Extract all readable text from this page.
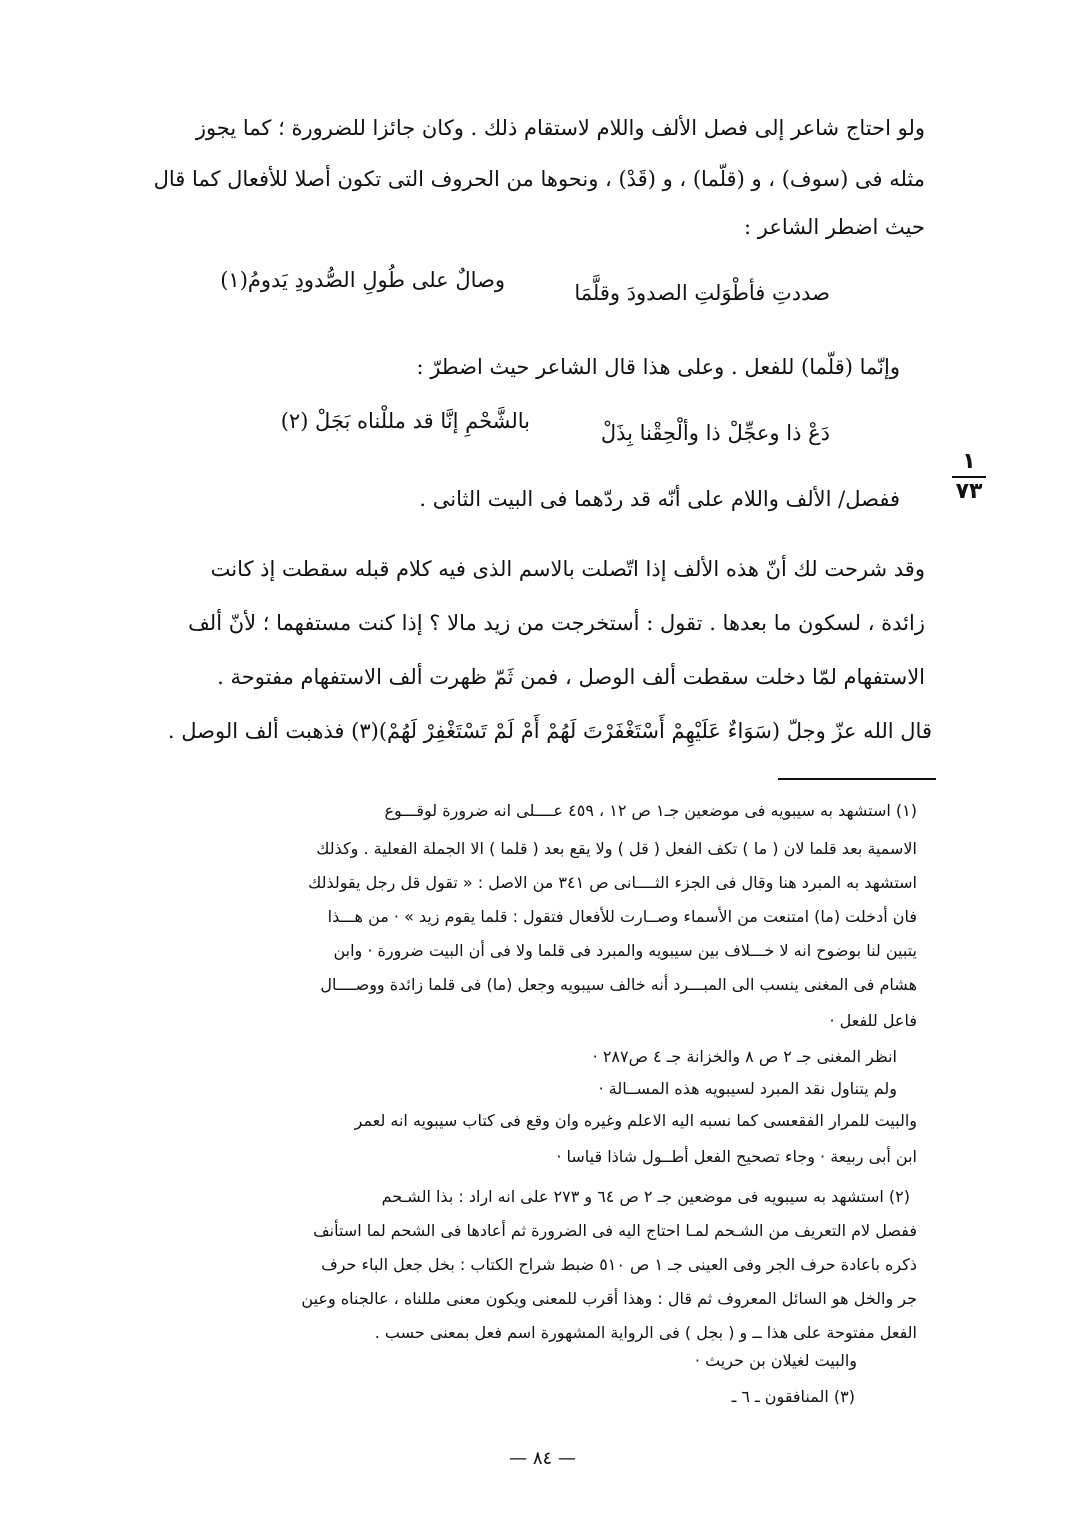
١
٧٣
ولو احتاج شاعر إلى فصل الألف واللام لاستقام ذلك . وكان جائزا للضرورة ؛ كما يجوز
مثله فى (سوف) ، و (قلّما) ، و (قَدْ) ، ونحوها من الحروف التى تكون أصلا للأفعال كما قال
حيث اضطر الشاعر :
صددتِ فأطْوَلتِ الصدودَ وقلَّمَا
وصالٌ على طُولِ الصُّدودِ يَدومُ(١)
وإنّما (قلّما) للفعل . وعلى هذا قال الشاعر حيث اضطرّ :
دَعْ ذا وعجِّلْ ذا وألْحِقْنا بِذَلْ
بالشَّحْمِ إنَّا قد مللْناه بَجَلْ (٢)
ففصل/ الألف واللام على أنّه قد ردّهما فى البيت الثانى .
وقد شرحت لك أنّ هذه الألف إذا اتّصلت بالاسم الذى فيه كلام قبله سقطت إذ كانت
زائدة ، لسكون ما بعدها . تقول : أستخرجت من زيد مالا ؟ إذا كنت مستفهما ؛ لأنّ ألف
الاستفهام لمّا دخلت سقطت ألف الوصل ، فمن ثَمّ ظهرت ألف الاستفهام مفتوحة .
قال الله عزّ وجلّ (سَوَاءٌ عَلَيْهِمْ أَسْتَغْفَرْتَ لَهُمْ أَمْ لَمْ تَسْتَغْفِرْ لَهُمْ)(٣) فذهبت ألف الوصل .
(١) استشهد به سيبويه فى موضعين جـ١ ص ١٢ ، ٤٥٩ عــــلى انه ضرورة لوقـــوع
الاسمية بعد قلما لان ( ما ) تكف الفعل ( قل ) ولا يقع بعد ( قلما ) الا الجملة الفعلية . وكذلك
استشهد به المبرد هنا وقال فى الجزء الثــــانى ص ٣٤١ من الاصل : « تقول قل رجل يقولذلك
فان أدخلت (ما) امتنعت من الأسماء وصــارت للأفعال فتقول : قلما يقوم زيد » · من هـــذا
يتبين لنا بوضوح انه لا خـــلاف بين سيبويه والمبرد فى قلما ولا فى أن البيت ضرورة · وابن
هشام فى المغنى ينسب الى المبـــرد أنه خالف سيبويه وجعل (ما) فى قلما زائدة ووصــــال
فاعل للفعل ·
انظر المغنى جـ ٢ ص ٨ والخزانة جـ ٤ ص٢٨٧ ·
ولم يتناول نقد المبرد لسيبويه هذه المســالة ·
والبيت للمرار الفقعسى كما نسبه اليه الاعلم وغيره وان وقع فى كتاب سيبويه انه لعمر
ابن أبى ربيعة · وجاء تصحيح الفعل أطــول شاذا قياسا ·
(٢) استشهد به سيبويه فى موضعين جـ ٢ ص ٦٤ و ٢٧٣ على انه اراد : بذا الشـحم
ففصل لام التعريف من الشـحم لمـا احتاج اليه فى الضرورة ثم أعادها فى الشحم لما استأنف
ذكره باعادة حرف الجر وفى العينى جـ ١ ص ٥١٠ ضبط شراح الكتاب : بخل جعل الباء حرف
جر والخل هو السائل المعروف ثم قال : وهذا أقرب للمعنى ويكون معنى مللناه ، عالجناه وعين
الفعل مفتوحة على هذا ــ و ( بجل ) فى الرواية المشهورة اسم فعل بمعنى حسب .
والبيت لغيلان بن حريث ·
(٣) المنافقون ـ ٦ ـ
— ٨٤ —
